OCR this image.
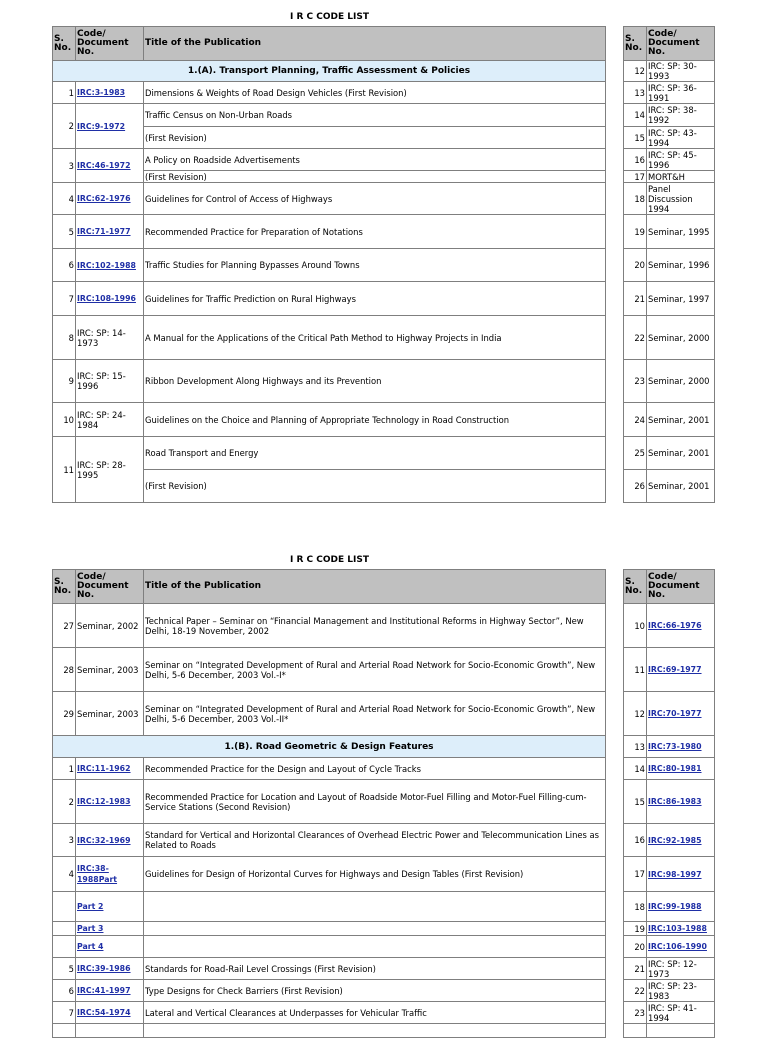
I R C CODE LIST
S. No.	Code/ Document No.	Title of the Publication
1.(A). Transport Planning, Traffic Assessment & Policies		
1	IRC:3-1983	Dimensions & Weights of Road Design Vehicles (First Revision)
2	IRC:9-1972	Traffic Census on Non-Urban Roads
		(First Revision)
3	IRC:46-1972	A Policy on Roadside Advertisements
		(First Revision)
4	IRC:62-1976	Guidelines for Control of Access of Highways
5	IRC:71-1977	Recommended Practice for Preparation of Notations
6	IRC:102-1988	Traffic Studies for Planning Bypasses Around Towns
7	IRC:108-1996	Guidelines for Traffic Prediction on Rural Highways
8	IRC: SP: 14-1973	A Manual for the Applications of the Critical Path Method to Highway Projects in India
9	IRC: SP: 15-1996	Ribbon Development Along Highways and its Prevention
10	IRC: SP: 24-1984	Guidelines on the Choice and Planning of Appropriate Technology in Road Construction
11	IRC: SP: 28-1995	Road Transport and Energy
		(First Revision)
S. No.	Code/ Document No.
12	IRC: SP: 30-1993
13	IRC: SP: 36-1991
14	IRC: SP: 38-1992
15	IRC: SP: 43-1994
16	IRC: SP: 45-1996
17	MORT&H
18	Panel Discussion 1994
19	Seminar, 1995
20	Seminar, 1996
21	Seminar, 1997
22	Seminar, 2000
23	Seminar, 2000
24	Seminar, 2001
25	Seminar, 2001
26	Seminar, 2001
I R C CODE LIST
S. No.	Code/ Document No.	Title of the Publication
27	Seminar, 2002	Technical Paper – Seminar on “Financial Management and Institutional Reforms in Highway Sector”, New Delhi, 18-19 November, 2002
28	Seminar, 2003	Seminar on “Integrated Development of Rural and Arterial Road Network for Socio-Economic Growth”, New Delhi, 5-6 December, 2003 Vol.-I*
29	Seminar, 2003	Seminar on “Integrated Development of Rural and Arterial Road Network for Socio-Economic Growth”, New Delhi, 5-6 December, 2003 Vol.-II*
1.(B). Road Geometric & Design Features		
1	IRC:11-1962	Recommended Practice for the Design and Layout of Cycle Tracks
2	IRC:12-1983	Recommended Practice for Location and Layout of Roadside Motor-Fuel Filling and Motor-Fuel Filling-cum-Service Stations (Second Revision)
3	IRC:32-1969	Standard for Vertical and Horizontal Clearances of Overhead Electric Power and Telecommunication Lines as Related to Roads
4	IRC:38-1988Part	Guidelines for Design of Horizontal Curves for Highways and Design Tables (First Revision)
	Part 2	
	Part 3	
	Part 4	
5	IRC:39-1986	Standards for Road-Rail Level Crossings (First Revision)
6	IRC:41-1997	Type Designs for Check Barriers (First Revision)
7	IRC:54-1974	Lateral and Vertical Clearances at Underpasses for Vehicular Traffic

S. No.	Code/ Document No.
10	IRC:66-1976
11	IRC:69-1977
12	IRC:70-1977
13	IRC:73-1980
14	IRC:80-1981
15	IRC:86-1983
16	IRC:92-1985
17	IRC:98-1997
18	IRC:99-1988
19	IRC:103-1988
20	IRC:106-1990
21	IRC: SP: 12-1973
22	IRC: SP: 23-1983
23	IRC: SP: 41-1994
